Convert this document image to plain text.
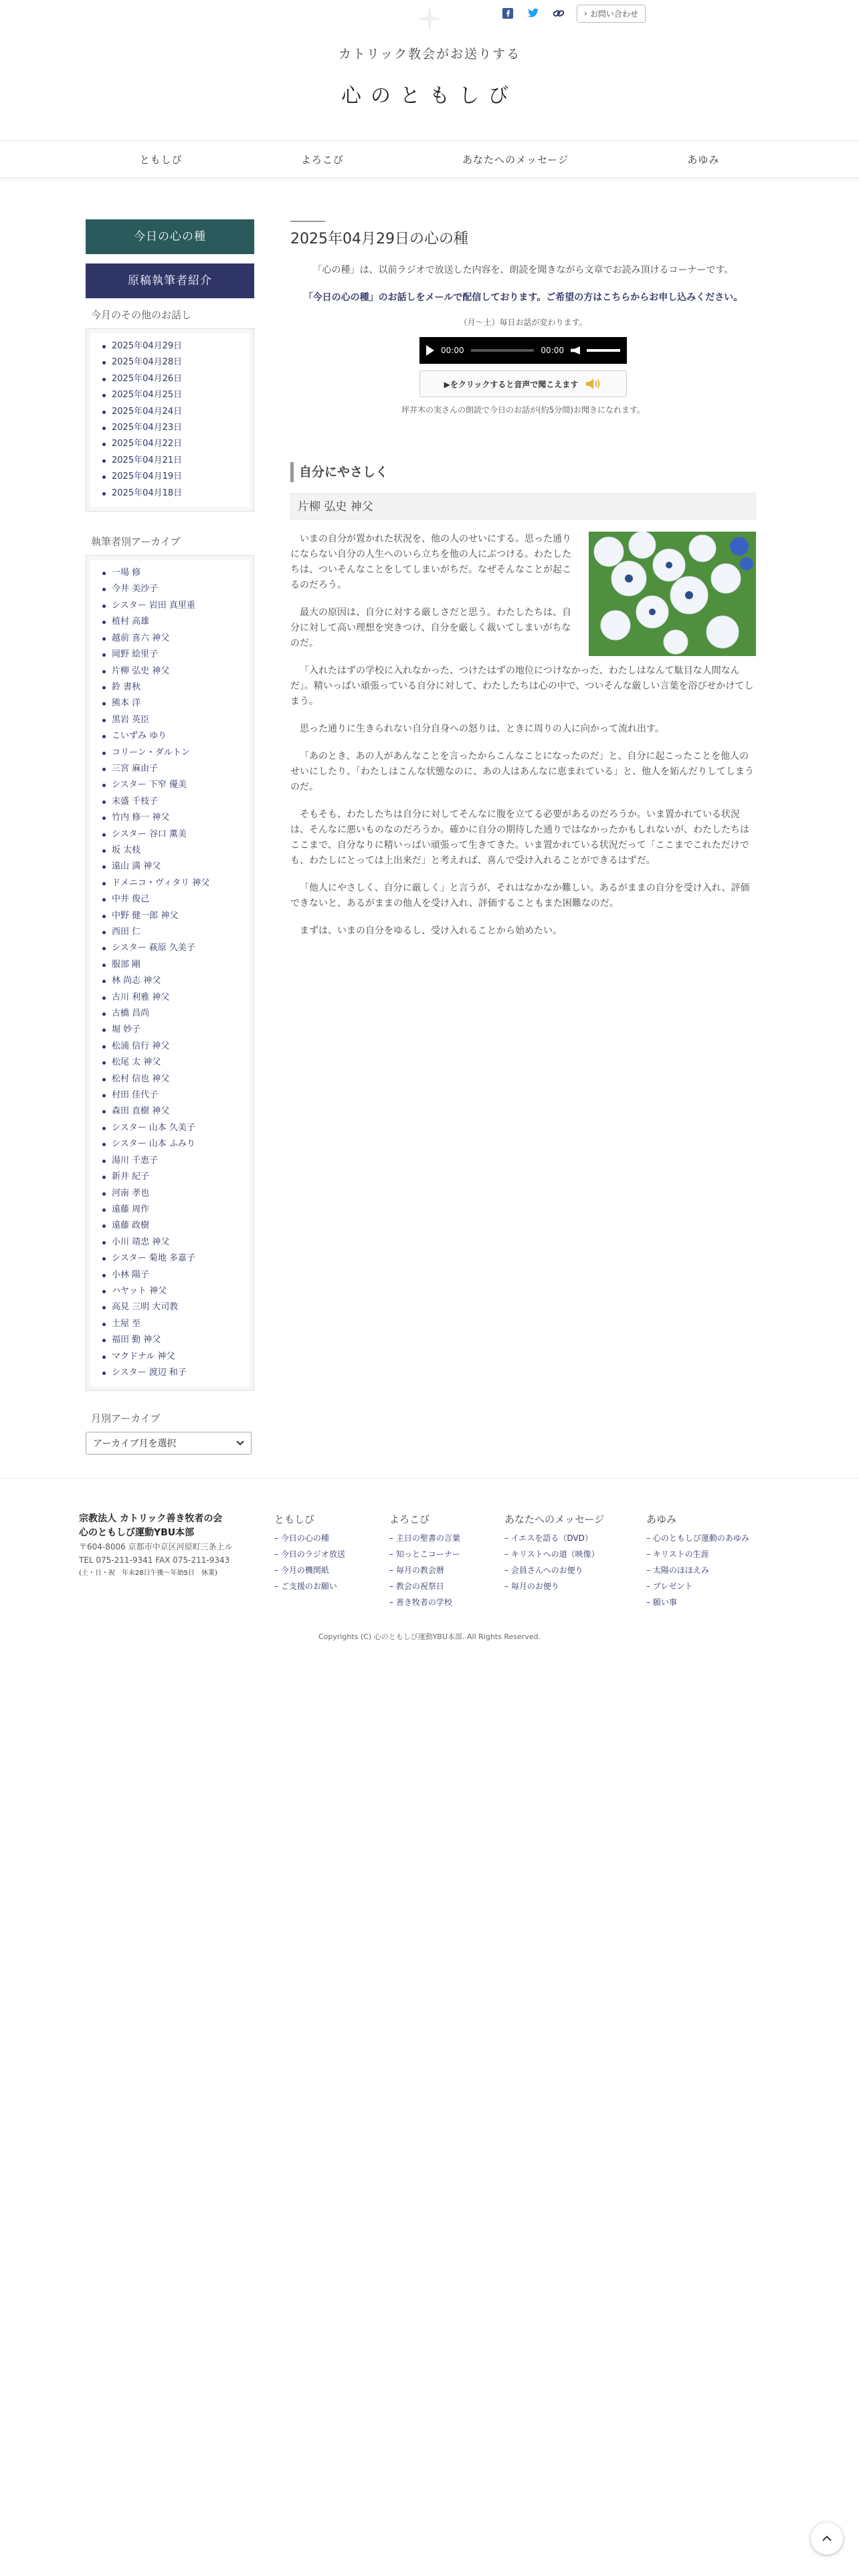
› お問い合わせ
カトリック教会がお送りする
心のともしび
ともしび	よろこび	あなたへのメッセージ	あゆみ
今日の心の種
原稿執筆者紹介
今月のその他のお話し
2025年04月29日
2025年04月28日
2025年04月26日
2025年04月25日
2025年04月24日
2025年04月23日
2025年04月22日
2025年04月21日
2025年04月19日
2025年04月18日
執筆者別アーカイブ
一場 修
今井 美沙子
シスター 岩田 真里重
植村 高雄
越前 喜六 神父
岡野 絵里子
片柳 弘史 神父
鈴 書秋
熊本 洋
黒岩 英臣
こいずみ ゆり
コリーン・ダルトン
三宮 麻由子
シスター 下窄 優美
末盛 千枝子
竹内 修一 神父
シスター 谷口 薫美
坂 太枝
遠山 満 神父
ドメニコ・ヴィタリ 神父
中井 俊己
中野 健一郎 神父
西田 仁
シスター 萩原 久美子
服部 剛
林 尚志 神父
古川 利雅 神父
古橋 昌尚
堀 妙子
松浦 信行 神父
松尾 太 神父
松村 信也 神父
村田 佳代子
森田 直樹 神父
シスター 山本 久美子
シスター 山本 ふみり
湯川 千恵子
新井 紀子
河南 孝也
遠藤 周作
遠藤 政樹
小川 靖忠 神父
シスター 菊地 多嘉子
小林 陽子
ハヤット 神父
高見 三明 大司教
土屋 至
福田 勤 神父
マクドナル 神父
シスター 渡辺 和子
月別アーカイブ
アーカイブ月を選択
2025年04月29日の心の種

「心の種」は、以前ラジオで放送した内容を、朗読を聞きながら文章でお読み頂けるコーナーです。

「今日の心の種」のお話しをメールで配信しております。ご希望の方はこちらからお申し込みください。

（月〜土）毎日お話が変わります。

00:00	00:00
▶をクリックすると音声で聞こえます

坪井木の実さんの朗読で今日のお話が(約5分間)お聞きになれます。

自分にやさしく
片柳 弘史 神父

いまの自分が置かれた状況を、他の人のせいにする。思った通りにならない自分の人生へのいら立ちを他の人にぶつける。わたしたちは、ついそんなことをしてしまいがちだ。なぜそんなことが起こるのだろう。

最大の原因は、自分に対する厳しさだと思う。わたしたちは、自分に対して高い理想を突きつけ、自分を厳しく裁いてしまいがちなのだ。

「入れたはずの学校に入れなかった、つけたはずの地位につけなかった、わたしはなんて駄目な人間なんだ」。精いっぱい頑張っている自分に対して、わたしたちは心の中で、ついそんな厳しい言葉を浴びせかけてしまう。

思った通りに生きられない自分自身への怒りは、ときに周りの人に向かって流れ出す。

「あのとき、あの人があんなことを言ったからこんなことになったのだ」と、自分に起こったことを他人のせいにしたり、「わたしはこんな状態なのに、あの人はあんなに恵まれている」と、他人を妬んだりしてしまうのだ。

そもそも、わたしたちは自分に対してそんなに腹を立てる必要があるのだろうか。いま置かれている状況は、そんなに悪いものなのだろうか。確かに自分の期待した通りではなかったかもしれないが、わたしたちはここまで、自分なりに精いっぱい頑張って生きてきた。いま置かれている状況だって「ここまでこれただけでも、わたしにとっては上出来だ」と考えれば、喜んで受け入れることができるはずだ。

「他人にやさしく、自分に厳しく」と言うが、それはなかなか難しい。あるがままの自分を受け入れ、評価できないと、あるがままの他人を受け入れ、評価することもまた困難なのだ。

まずは、いまの自分をゆるし、受け入れることから始めたい。

宗教法人 カトリック善き牧者の会
心のともしび運動YBU本部
〒604-8006 京都市中京区河原町三条上ル
TEL 075-211-9341 FAX 075-211-9343
(土・日・祝　年末28日午後〜年始5日　休業)
ともしび
– 今日の心の種
– 今日のラジオ放送
– 今月の機関紙
– ご支援のお願い
よろこび
– 主日の聖書の言葉
– 知っとこコーナー
– 毎月の教会暦
– 教会の祝祭日
– 善き牧者の学校
あなたへのメッセージ
– イエスを語る（DVD）
– キリストへの道（映像）
– 会員さんへのお便り
– 毎月のお便り
あゆみ
– 心のともしび運動のあゆみ
– キリストの生涯
– 太陽のほほえみ
– プレゼント
– 願い事
Copyrights (C) 心のともしび運動YBU本部. All Rights Reserved.
